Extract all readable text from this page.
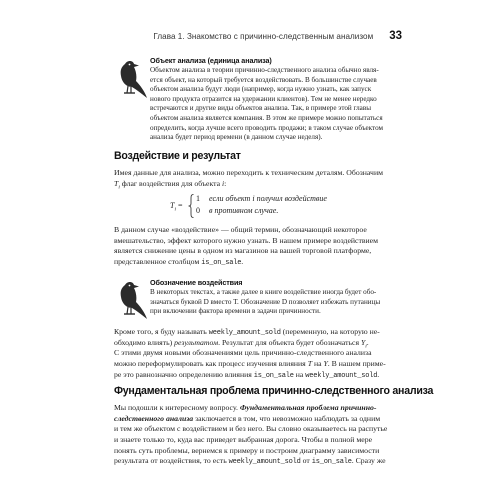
Глава 1. Знакомство с причинно-следственным анализом 33
Объект анализа (единица анализа)
Объектом анализа в теории причинно-следственного анализа обычно явля-
ется объект, на который требуется воздействовать. В большинстве случаев
объектом анализа будут люди (например, когда нужно узнать, как запуск
нового продукта отразится на удержании клиентов). Тем не менее нередко
встречаются и другие виды объектов анализа. Так, в примере этой главы
объектом анализа является компания. В этом же примере можно попытаться
определить, когда лучше всего проводить продажи; в таком случае объектом
анализа будет период времени (в данном случае неделя).
Воздействие и результат
Имея данные для анализа, можно переходить к техническим деталям. Обозначим
$T_i$ флаг воздействия для объекта i:
$T_i$ =
1 если объект i получил воздействие
0 в противном случае.
В данном случае «воздействие» — общий термин, обозначающий некоторое
вмешательство, эффект которого нужно узнать. В нашем примере воздействием
является снижение цены в одном из магазинов на вашей торговой платформе,
представленное столбцом is_on_sale.
Обозначение воздействия
В некоторых текстах, а также далее в книге воздействие иногда будет обо-
значаться буквой D вместо T. Обозначение D позволяет избежать путаницы
при включении фактора времени в задачи причинности.
Кроме того, я буду называть weekly_amount_sold (переменную, на которую не-
обходимо влиять) результатом. Результат для объекта будет обозначаться $Y_i$.
С этими двумя новыми обозначениями цель причинно-следственного анализа
можно переформулировать как процесс изучения влияния T на Y. В нашем приме-
ре это равнозначно определению влияния is_on_sale на weekly_amount_sold.
Фундаментальная проблема причинно-следственного анализа
Мы подошли к интересному вопросу. Фундаментальная проблема причинно-
следственного анализа заключается в том, что невозможно наблюдать за одним
и тем же объектом с воздействием и без него. Вы словно оказываетесь на распутье
и знаете только то, куда вас приведет выбранная дорога. Чтобы в полной мере
понять суть проблемы, вернемся к примеру и построим диаграмму зависимости
результата от воздействия, то есть weekly_amount_sold от is_on_sale. Сразу же
